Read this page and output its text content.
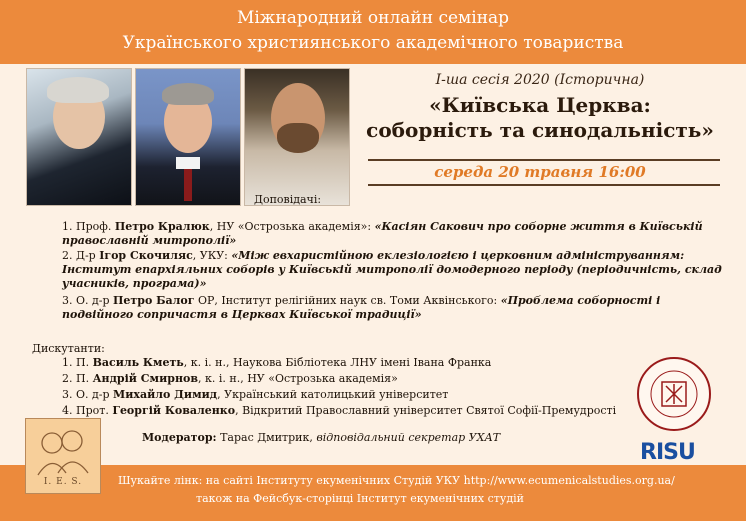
Міжнародний онлайн семінар
Українського християнського академічного товариства
I-ша сесія 2020 (Історична)
«Київська Церква:
соборність та синодальність»
середа 20 травня 16:00
Доповідачі:
1. Проф. Петро Кралюк, НУ «Острозька академія»: «Касіян Сакович про соборне життя в Київській православній митрополії»
2. Д-р Ігор Скочиляс, УКУ: «Між евхаристійною еклезіологією і церковним адмініструванням: Інститут епархіяльних соборів у Київській митрополії домодерного періоду (періодичність, склад учасників, програма)»
3. О. д-р Петро Балог ОР, Інститут релігійних наук св. Томи Аквінського: «Проблема соборності і подвійного сопричастя в Церквах Київської традиції»
Дискутанти:
1. П. Василь Кметь, к. і. н., Наукова Бібліотека ЛНУ імені Івана Франка
2. П. Андрій Смирнов, к. і. н., НУ «Острозька академія»
3. О. д-р Михайло Димид, Український католицький університет
4. Прот. Георгій Коваленко, Відкритий Православний університет Святої Софії-Премудрості
Модератор: Тарас Дмитрик, відповідальний секретар УХАТ
Шукайте лінк: на сайті Інституту екуменічних Студій УКУ http://www.ecumenicalstudies.org.ua/
також на Фейсбук-сторінці Інститут екуменічних студій
I. E. S.
RISU
